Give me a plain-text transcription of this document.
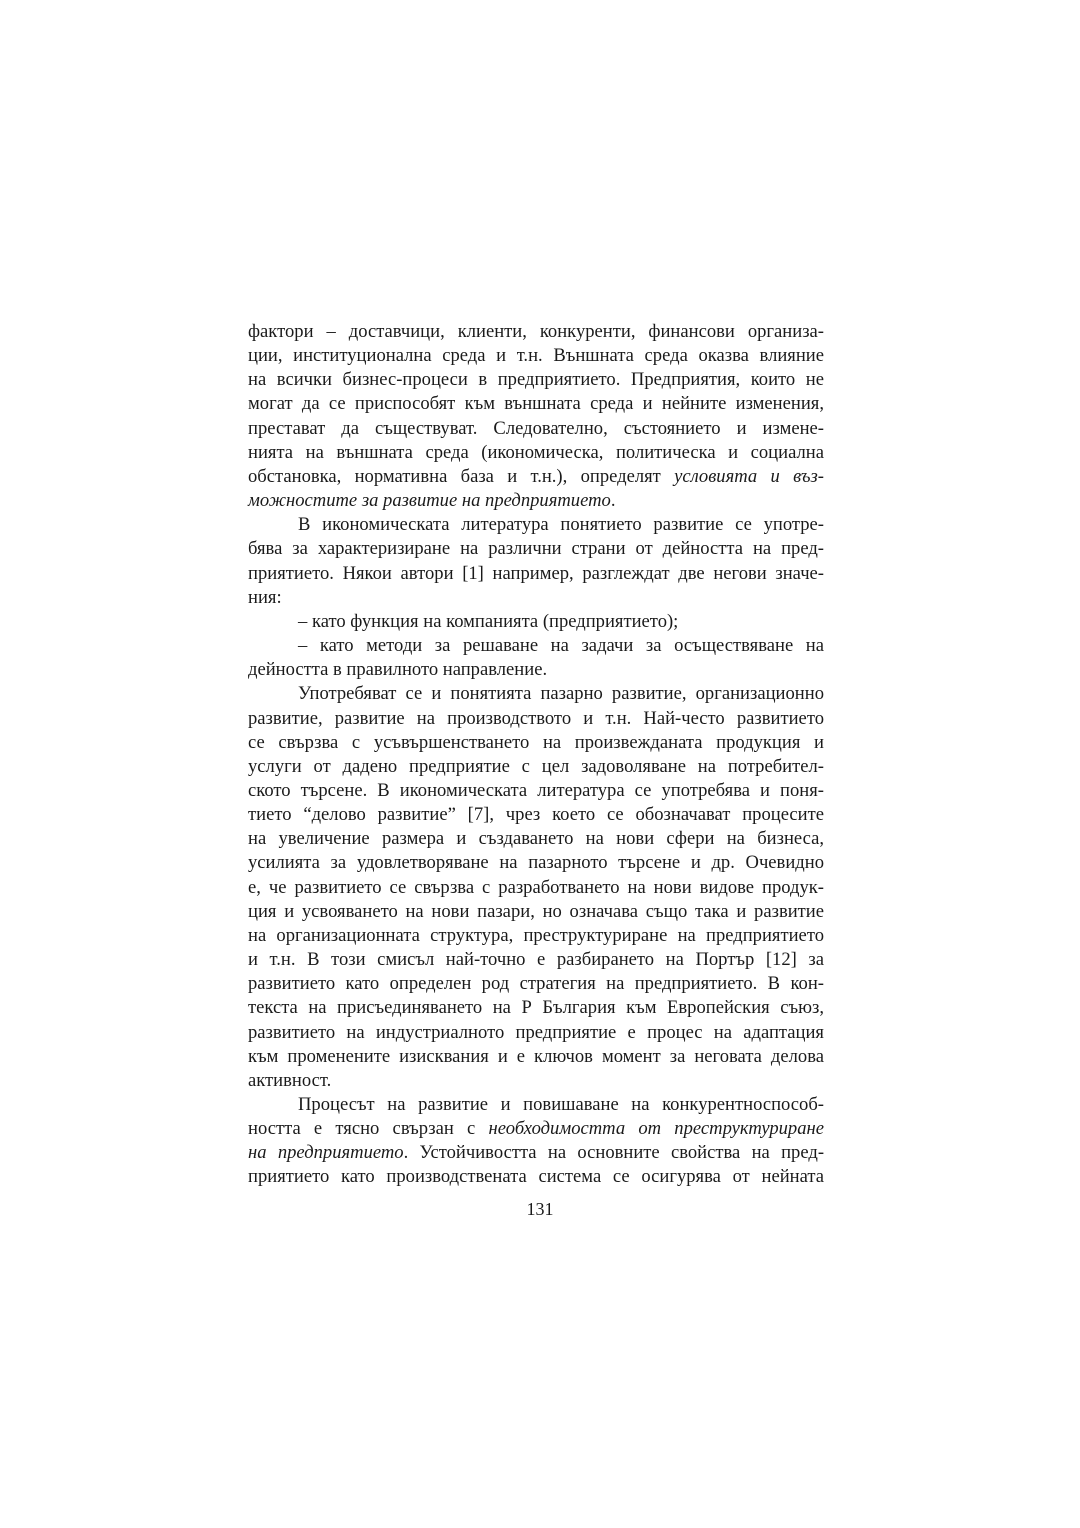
фактори – доставчици, клиенти, конкуренти, финансови организа-
ции, институционална среда и т.н. Външната среда оказва влияние
на всички бизнес-процеси в предприятието. Предприятия, които не
могат да се приспособят към външната среда и нейните изменения,
престават да съществуват. Следователно, състоянието и измене-
нията на външната среда (икономическа, политическа и социална
обстановка, нормативна база и т.н.), определят условията и въз-
можностите за развитие на предприятието.

В икономическата литература понятието развитие се употре-
бява за характеризиране на различни страни от дейността на пред-
приятието. Някои автори [1] например, разглеждат две негови значе-
ния:

– като функция на компанията (предприятието);

– като методи за решаване на задачи за осъществяване на
дейността в правилното направление.

Употребяват се и понятията пазарно развитие, организационно
развитие, развитие на производството и т.н. Най-често развитието
се свързва с усъвършенстването на произвежданата продукция и
услуги от дадено предприятие с цел задоволяване на потребител-
ското търсене. В икономическата литература се употребява и поня-
тието “делово развитие” [7], чрез което се обозначават процесите
на увеличение размера и създаването на нови сфери на бизнеса,
усилията за удовлетворяване на пазарното търсене и др. Очевидно
е, че развитието се свързва с разработването на нови видове продук-
ция и усвояването на нови пазари, но означава също така и развитие
на организационната структура, преструктуриране на предприятието
и т.н. В този смисъл най-точно е разбирането на Портър [12] за
развитието като определен род стратегия на предприятието. В кон-
текста на присъединяването на Р България към Европейския съюз,
развитието на индустриалното предприятие е процес на адаптация
към променените изисквания и е ключов момент за неговата делова
активност.

Процесът на развитие и повишаване на конкурентноспособ-
ността е тясно свързан с необходимостта от преструктуриране
на предприятието. Устойчивостта на основните свойства на пред-
приятието като производствената система се осигурява от нейната

131
